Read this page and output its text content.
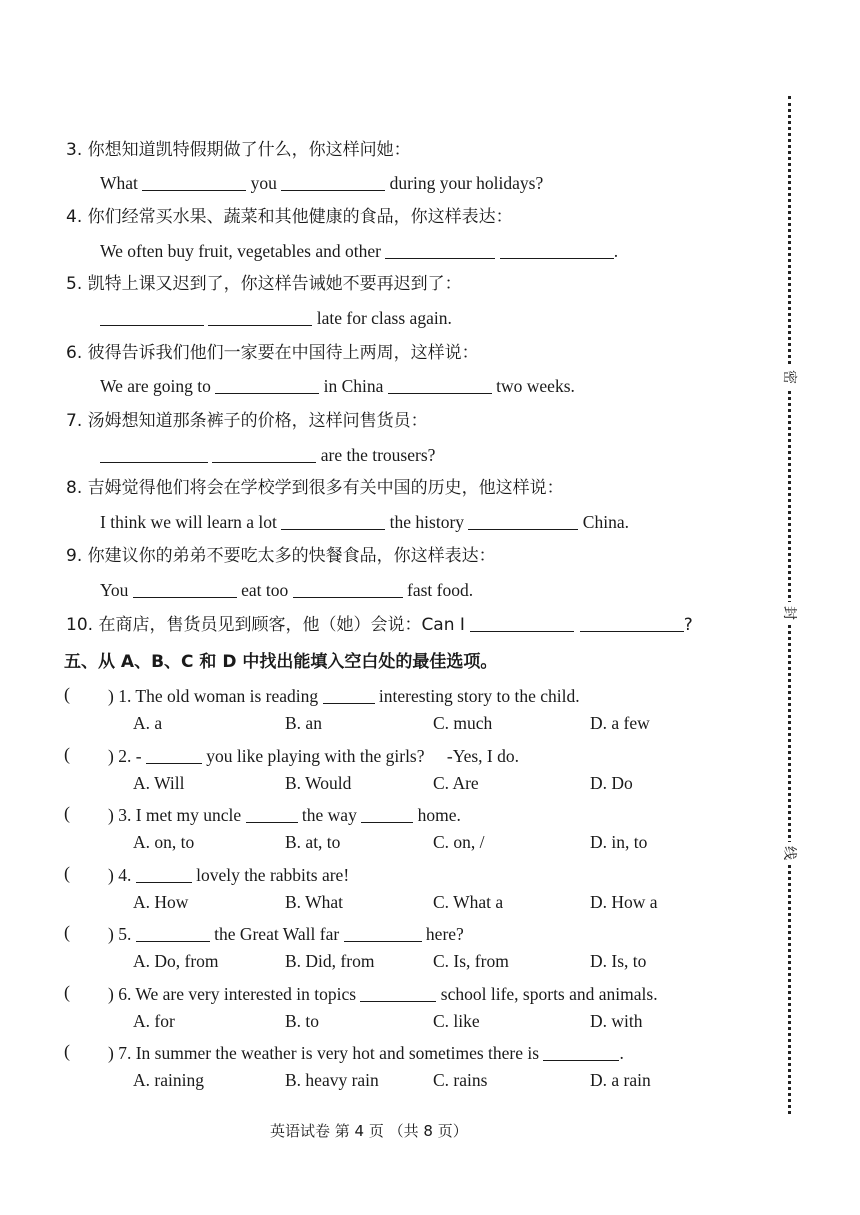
3. 你想知道凯特假期做了什么，你这样问她：
What	you	during your holidays?
4. 你们经常买水果、蔬菜和其他健康的食品，你这样表达：
We often buy fruit, vegetables and other	.
5. 凯特上课又迟到了，你这样告诫她不要再迟到了：
late for class again.
6. 彼得告诉我们他们一家要在中国待上两周，这样说：
We are going to	in China	two weeks.
7. 汤姆想知道那条裤子的价格，这样问售货员：
are the trousers?
8. 吉姆觉得他们将会在学校学到很多有关中国的历史，他这样说：
I think we will learn a lot	the history	China.
9. 你建议你的弟弟不要吃太多的快餐食品，你这样表达：
You	eat too	fast food.
10. 在商店，售货员见到顾客，他（她）会说：Can I	?
五、从 A、B、C 和 D 中找出能填入空白处的最佳选项。
( ) 1. The old woman is reading	interesting story to the child.
A. a	B. an	C. much	D. a few
( ) 2. -	you like playing with the girls? -Yes, I do.
A. Will	B. Would	C. Are	D. Do
( ) 3. I met my uncle	the way	home.
A. on, to	B. at, to	C. on, /	D. in, to
( ) 4.	lovely the rabbits are!
A. How	B. What	C. What a	D. How a
( ) 5.	the Great Wall far	here?
A. Do, from	B. Did, from	C. Is, from	D. Is, to
( ) 6. We are very interested in topics	school life, sports and animals.
A. for	B. to	C. like	D. with
( ) 7. In summer the weather is very hot and sometimes there is	.
A. raining	B. heavy rain	C. rains	D. a rain
密
封
线
英语试卷 第 4 页 （共 8 页）
